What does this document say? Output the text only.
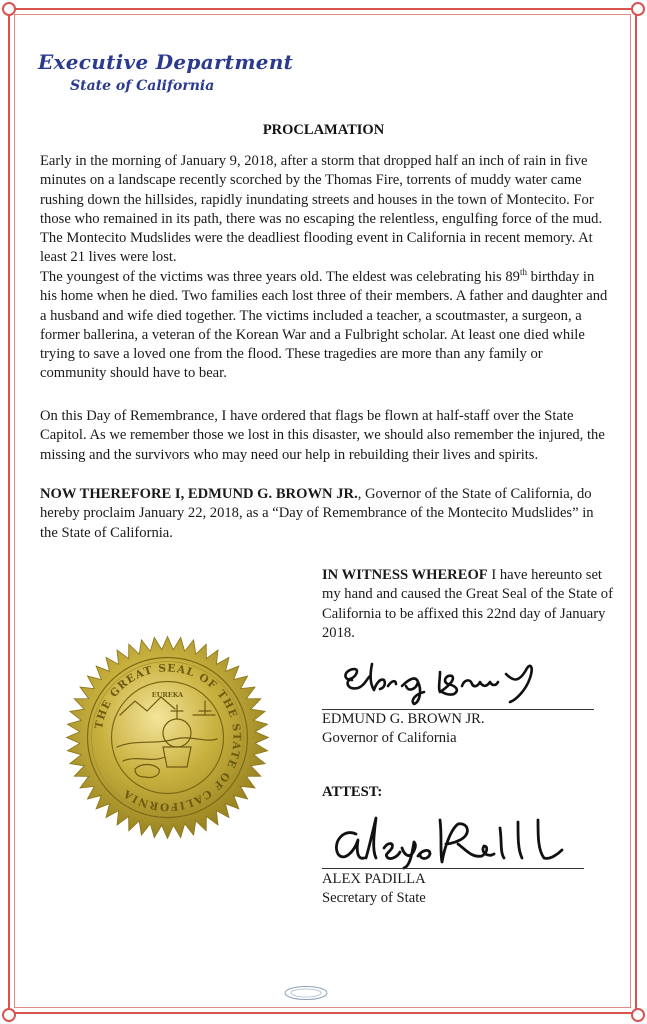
Executive Department
State of California
PROCLAMATION
Early in the morning of January 9, 2018, after a storm that dropped half an inch of rain in five minutes on a landscape recently scorched by the Thomas Fire, torrents of muddy water came rushing down the hillsides, rapidly inundating streets and houses in the town of Montecito. For those who remained in its path, there was no escaping the relentless, engulfing force of the mud. The Montecito Mudslides were the deadliest flooding event in California in recent memory. At least 21 lives were lost.
The youngest of the victims was three years old. The eldest was celebrating his 89th birthday in his home when he died. Two families each lost three of their members. A father and daughter and a husband and wife died together. The victims included a teacher, a scoutmaster, a surgeon, a former ballerina, a veteran of the Korean War and a Fulbright scholar. At least one died while trying to save a loved one from the flood. These tragedies are more than any family or community should have to bear.
On this Day of Remembrance, I have ordered that flags be flown at half-staff over the State Capitol. As we remember those we lost in this disaster, we should also remember the injured, the missing and the survivors who may need our help in rebuilding their lives and spirits.
NOW THEREFORE I, EDMUND G. BROWN JR., Governor of the State of California, do hereby proclaim January 22, 2018, as a “Day of Remembrance of the Montecito Mudslides” in the State of California.
IN WITNESS WHEREOF I have hereunto set my hand and caused the Great Seal of the State of California to be affixed this 22nd day of January 2018.
EDMUND G. BROWN JR.
Governor of California
ATTEST:
ALEX PADILLA
Secretary of State
THE GREAT SEAL OF THE STATE OF CALIFORNIA
EUREKA
